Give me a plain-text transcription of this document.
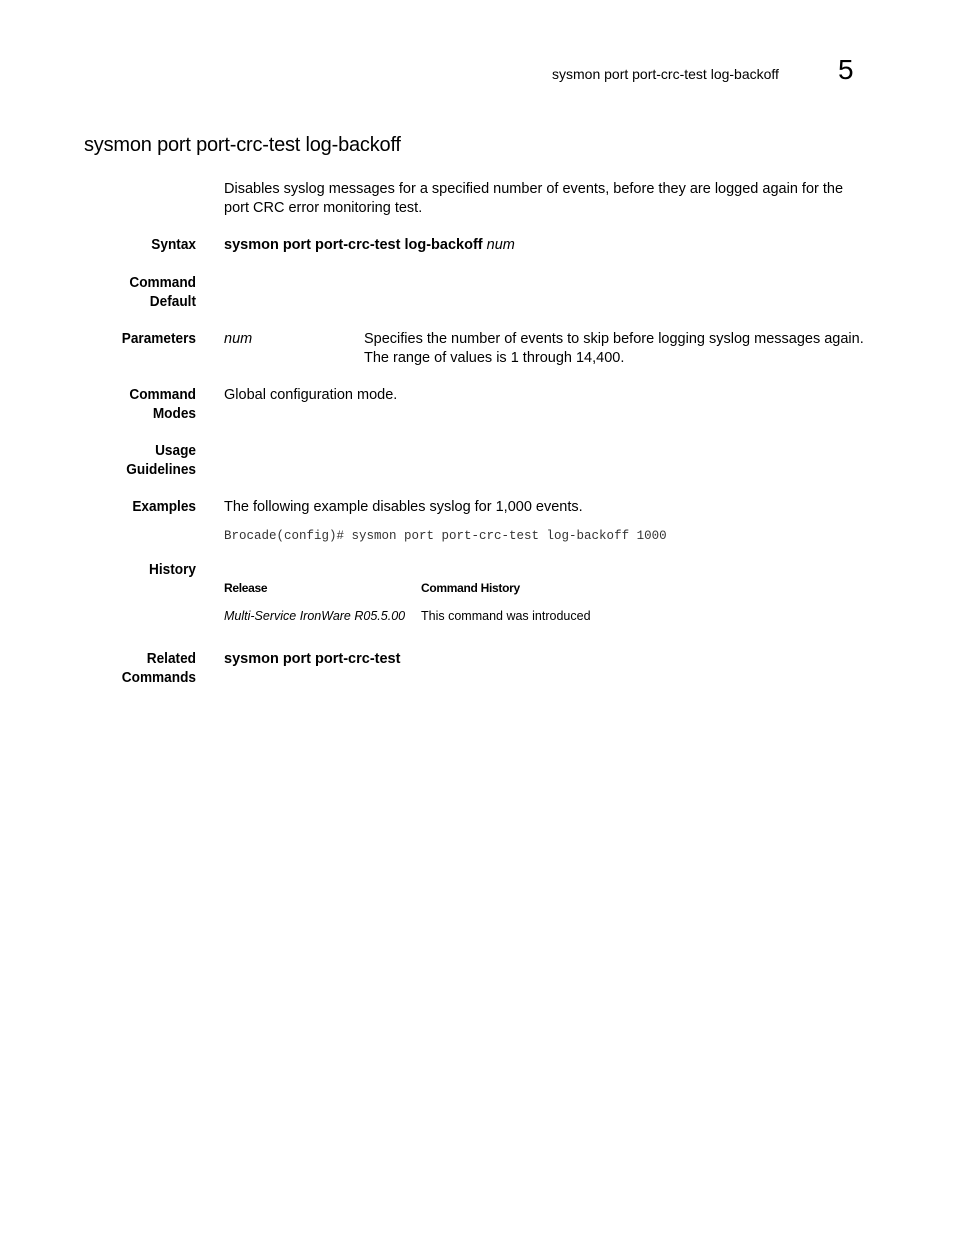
sysmon port port-crc-test log-backoff 5
sysmon port port-crc-test log-backoff

Disables syslog messages for a specified number of events, before they are logged again for the port CRC error monitoring test.

Syntax sysmon port port-crc-test log-backoff num
Command
Default
Parameters num	Specifies the number of events to skip before logging syslog messages again.
The range of values is 1 through 14,400.
Command
Modes
Global configuration mode.
Usage
Guidelines
Examples The following example disables syslog for 1,000 events.
Brocade(config)# sysmon port port-crc-test log-backoff 1000
History
Release	Command History
Multi-Service IronWare R05.5.00 This command was introduced
Related
Commands
sysmon port port-crc-test
